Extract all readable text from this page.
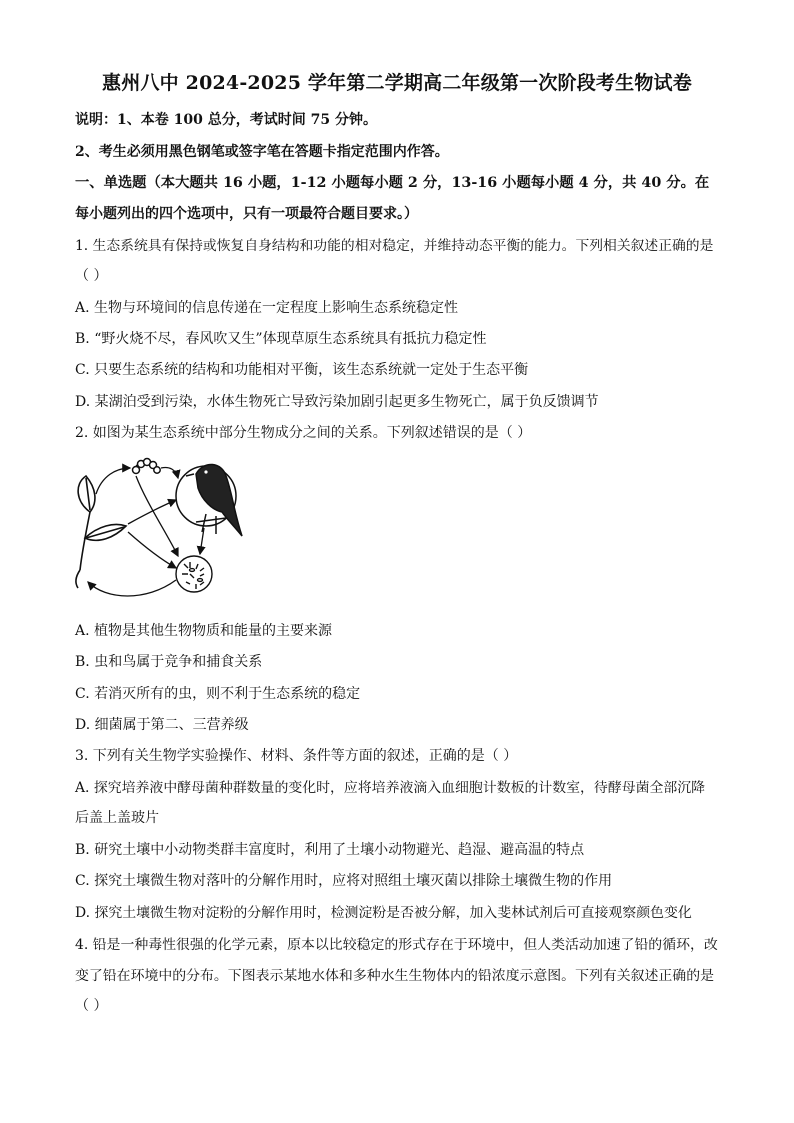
惠州八中 2024-2025 学年第二学期高二年级第一次阶段考生物试卷
说明：1、本卷 100 总分，考试时间 75 分钟。
2、考生必须用黑色钢笔或签字笔在答题卡指定范围内作答。
一、单选题（本大题共 16 小题，1-12 小题每小题 2 分，13-16 小题每小题 4 分，共 40 分。在
每小题列出的四个选项中，只有一项最符合题目要求。）
1. 生态系统具有保持或恢复自身结构和功能的相对稳定，并维持动态平衡的能力。下列相关叙述正确的是
（ ）
A. 生物与环境间的信息传递在一定程度上影响生态系统稳定性
B. “野火烧不尽，春风吹又生”体现草原生态系统具有抵抗力稳定性
C. 只要生态系统的结构和功能相对平衡，该生态系统就一定处于生态平衡
D. 某湖泊受到污染，水体生物死亡导致污染加剧引起更多生物死亡，属于负反馈调节
2. 如图为某生态系统中部分生物成分之间的关系。下列叙述错误的是（ ）
A. 植物是其他生物物质和能量的主要来源
B. 虫和鸟属于竞争和捕食关系
C. 若消灭所有的虫，则不利于生态系统的稳定
D. 细菌属于第二、三营养级
3. 下列有关生物学实验操作、材料、条件等方面的叙述，正确的是（ ）
A. 探究培养液中酵母菌种群数量的变化时，应将培养液滴入血细胞计数板的计数室，待酵母菌全部沉降
后盖上盖玻片
B. 研究土壤中小动物类群丰富度时，利用了土壤小动物避光、趋湿、避高温的特点
C. 探究土壤微生物对落叶的分解作用时，应将对照组土壤灭菌以排除土壤微生物的作用
D. 探究土壤微生物对淀粉的分解作用时，检测淀粉是否被分解，加入斐林试剂后可直接观察颜色变化
4. 铅是一种毒性很强的化学元素，原本以比较稳定的形式存在于环境中，但人类活动加速了铅的循环，改
变了铅在环境中的分布。下图表示某地水体和多种水生生物体内的铅浓度示意图。下列有关叙述正确的是
（ ）
